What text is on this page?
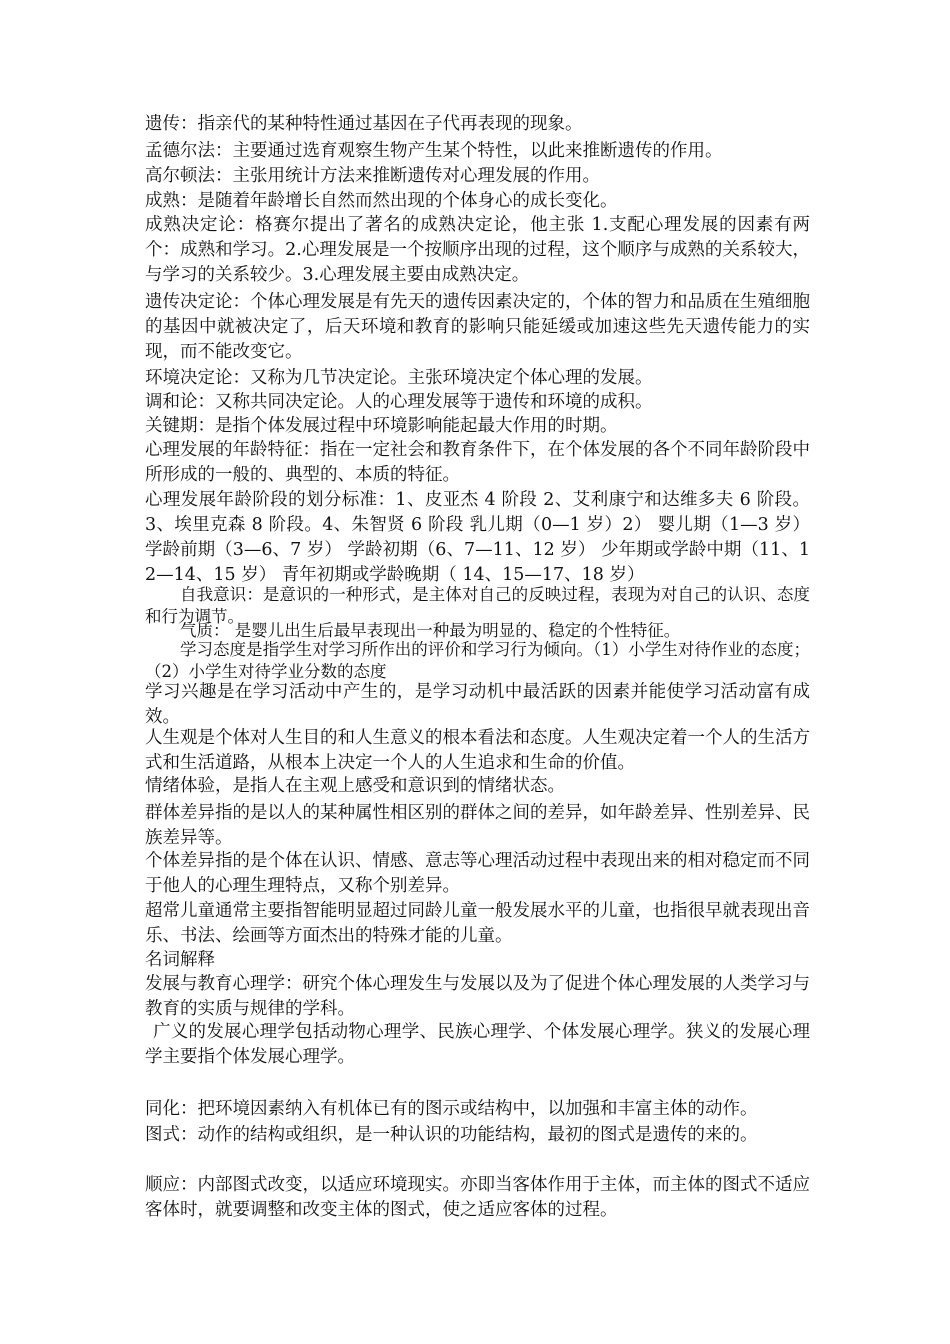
遗传：指亲代的某种特性通过基因在子代再表现的现象。

孟德尔法：主要通过选育观察生物产生某个特性，以此来推断遗传的作用。

高尔顿法：主张用统计方法来推断遗传对心理发展的作用。

成熟：是随着年龄增长自然而然出现的个体身心的成长变化。

成熟决定论：格赛尔提出了著名的成熟决定论，他主张 1.支配心理发展的因素有两个：成熟和学习。2.心理发展是一个按顺序出现的过程，这个顺序与成熟的关系较大，与学习的关系较少。3.心理发展主要由成熟决定。

遗传决定论：个体心理发展是有先天的遗传因素决定的，个体的智力和品质在生殖细胞的基因中就被决定了，后天环境和教育的影响只能延缓或加速这些先天遗传能力的实现，而不能改变它。

环境决定论：又称为几节决定论。主张环境决定个体心理的发展。

调和论：又称共同决定论。人的心理发展等于遗传和环境的成积。

关键期：是指个体发展过程中环境影响能起最大作用的时期。

心理发展的年龄特征：指在一定社会和教育条件下，在个体发展的各个不同年龄阶段中所形成的一般的、典型的、本质的特征。

心理发展年龄阶段的划分标准：1、皮亚杰 4 阶段 2、艾利康宁和达维多夫 6 阶段。3、埃里克森 8 阶段。4、朱智贤 6 阶段 乳儿期（0—1 岁）2） 婴儿期（1—3 岁） 学龄前期（3—6、7 岁） 学龄初期（6、7—11、12 岁） 少年期或学龄中期（11、12—14、15 岁） 青年初期或学龄晚期（ 14、15—17、18 岁）

自我意识：是意识的一种形式，是主体对自己的反映过程，表现为对自己的认识、态度和行为调节。

气质： 是婴儿出生后最早表现出一种最为明显的、稳定的个性特征。

学习态度是指学生对学习所作出的评价和学习行为倾向。（1）小学生对待作业的态度；（2）小学生对待学业分数的态度

学习兴趣是在学习活动中产生的，是学习动机中最活跃的因素并能使学习活动富有成效。

人生观是个体对人生目的和人生意义的根本看法和态度。人生观决定着一个人的生活方式和生活道路，从根本上决定一个人的人生追求和生命的价值。

情绪体验，是指人在主观上感受和意识到的情绪状态。

群体差异指的是以人的某种属性相区别的群体之间的差异，如年龄差异、性别差异、民族差异等。

个体差异指的是个体在认识、情感、意志等心理活动过程中表现出来的相对稳定而不同于他人的心理生理特点，又称个别差异。

超常儿童通常主要指智能明显超过同龄儿童一般发展水平的儿童，也指很早就表现出音乐、书法、绘画等方面杰出的特殊才能的儿童。

名词解释

发展与教育心理学：研究个体心理发生与发展以及为了促进个体心理发展的人类学习与教育的实质与规律的学科。

广义的发展心理学包括动物心理学、民族心理学、个体发展心理学。狭义的发展心理学主要指个体发展心理学。

同化：把环境因素纳入有机体已有的图示或结构中，以加强和丰富主体的动作。

图式：动作的结构或组织，是一种认识的功能结构，最初的图式是遗传的来的。

顺应：内部图式改变，以适应环境现实。亦即当客体作用于主体，而主体的图式不适应客体时，就要调整和改变主体的图式，使之适应客体的过程。
